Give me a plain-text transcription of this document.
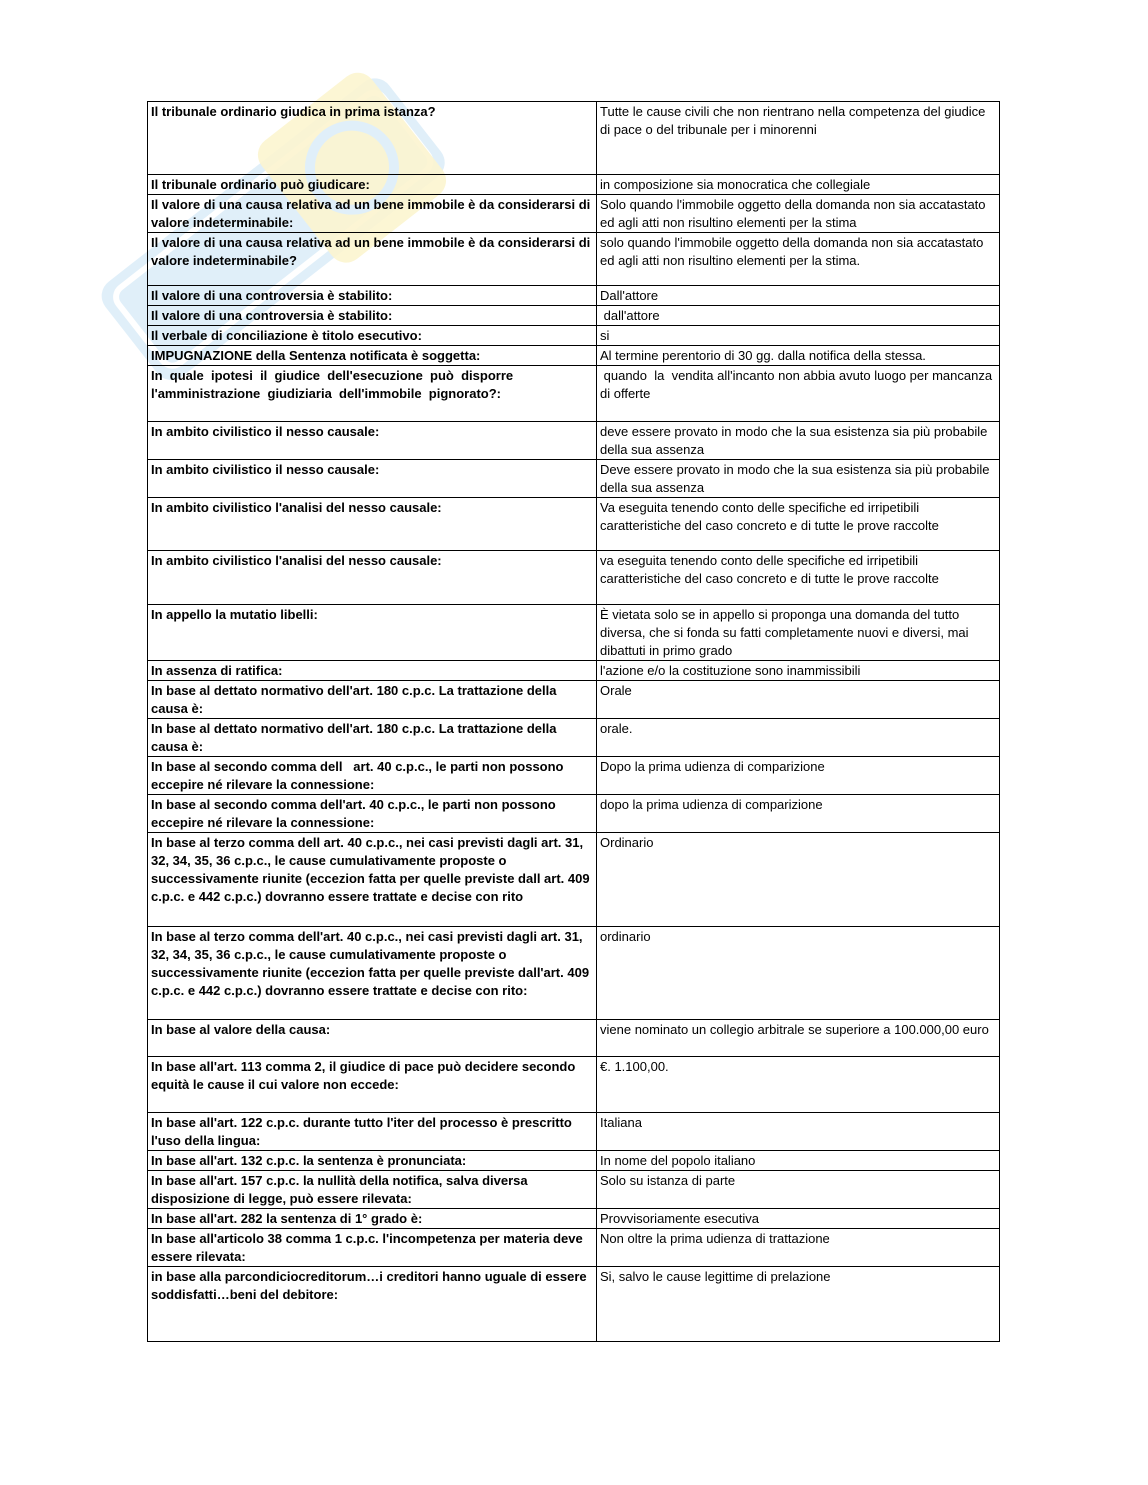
Il tribunale ordinario giudica in prima istanza?	Tutte le cause civili che non rientrano nella competenza del giudice
di pace o del tribunale per i minorenni
Il tribunale ordinario può giudicare:	in composizione sia monocratica che collegiale
Il valore di una causa relativa ad un bene immobile è da considerarsi di valore indeterminabile:	Solo quando l'immobile oggetto della domanda non sia accatastato ed agli atti non risultino elementi per la stima
Il valore di una causa relativa ad un bene immobile è da considerarsi di valore indeterminabile?	solo quando l'immobile oggetto della domanda non sia accatastato ed agli atti non risultino elementi per la stima.
Il valore di una controversia è stabilito:	Dall'attore
Il valore di una controversia è stabilito:	dall'attore
Il verbale di conciliazione è titolo esecutivo:	si
IMPUGNAZIONE della Sentenza notificata è soggetta:	Al termine perentorio di 30 gg. dalla notifica della stessa.
In  quale  ipotesi  il  giudice  dell'esecuzione  può  disporre l'amministrazione  giudiziaria  dell'immobile  pignorato?:	quando  la  vendita all'incanto non abbia avuto luogo per mancanza di offerte
In ambito civilistico il nesso causale:	deve essere provato in modo che la sua esistenza sia più probabile della sua assenza
In ambito civilistico il nesso causale:	Deve essere provato in modo che la sua esistenza sia più probabile della sua assenza
In ambito civilistico l'analisi del nesso causale:	Va eseguita tenendo conto delle specifiche ed irripetibili caratteristiche del caso concreto e di tutte le prove raccolte
In ambito civilistico l'analisi del nesso causale:	va eseguita tenendo conto delle specifiche ed irripetibili caratteristiche del caso concreto e di tutte le prove raccolte
In appello la mutatio libelli:	È vietata solo se in appello si proponga una domanda del tutto diversa, che si fonda su fatti completamente nuovi e diversi, mai dibattuti in primo grado
In assenza di ratifica:	l'azione e/o la costituzione sono inammissibili
In base al dettato normativo dell'art. 180 c.p.c. La trattazione della causa è:	Orale
In base al dettato normativo dell'art. 180 c.p.c. La trattazione della causa è:	orale.
In base al secondo comma dell   art. 40 c.p.c., le parti non possono eccepire né rilevare la connessione:	Dopo la prima udienza di comparizione
In base al secondo comma dell'art. 40 c.p.c., le parti non possono eccepire né rilevare la connessione:	dopo la prima udienza di comparizione
In base al terzo comma dell art. 40 c.p.c., nei casi previsti dagli art. 31, 32, 34, 35, 36 c.p.c., le cause cumulativamente proposte o successivamente riunite (eccezion fatta per quelle previste dall art. 409 c.p.c. e 442 c.p.c.) dovranno essere trattate e decise con rito	Ordinario
In base al terzo comma dell'art. 40 c.p.c., nei casi previsti dagli art. 31, 32, 34, 35, 36 c.p.c., le cause cumulativamente proposte o successivamente riunite (eccezion fatta per quelle previste dall'art. 409 c.p.c. e 442 c.p.c.) dovranno essere trattate e decise con rito:	ordinario
In base al valore della causa:	viene nominato un collegio arbitrale se superiore a 100.000,00 euro
In base all'art. 113 comma 2, il giudice di pace può decidere secondo equità le cause il cui valore non eccede:	€. 1.100,00.
In base all'art. 122 c.p.c. durante tutto l'iter del processo è prescritto l'uso della lingua:	Italiana
In base all'art. 132 c.p.c. la sentenza è pronunciata:	In nome del popolo italiano
In base all'art. 157 c.p.c. la nullità della notifica, salva diversa disposizione di legge, può essere rilevata:	Solo su istanza di parte
In base all'art. 282 la sentenza di 1° grado è:	Provvisoriamente esecutiva
In base all'articolo 38 comma 1 c.p.c. l'incompetenza per materia deve essere rilevata:	Non oltre la prima udienza di trattazione
in base alla parcondiciocreditorum…i creditori hanno uguale di essere
soddisfatti…beni del debitore:	Si, salvo le cause legittime di prelazione
